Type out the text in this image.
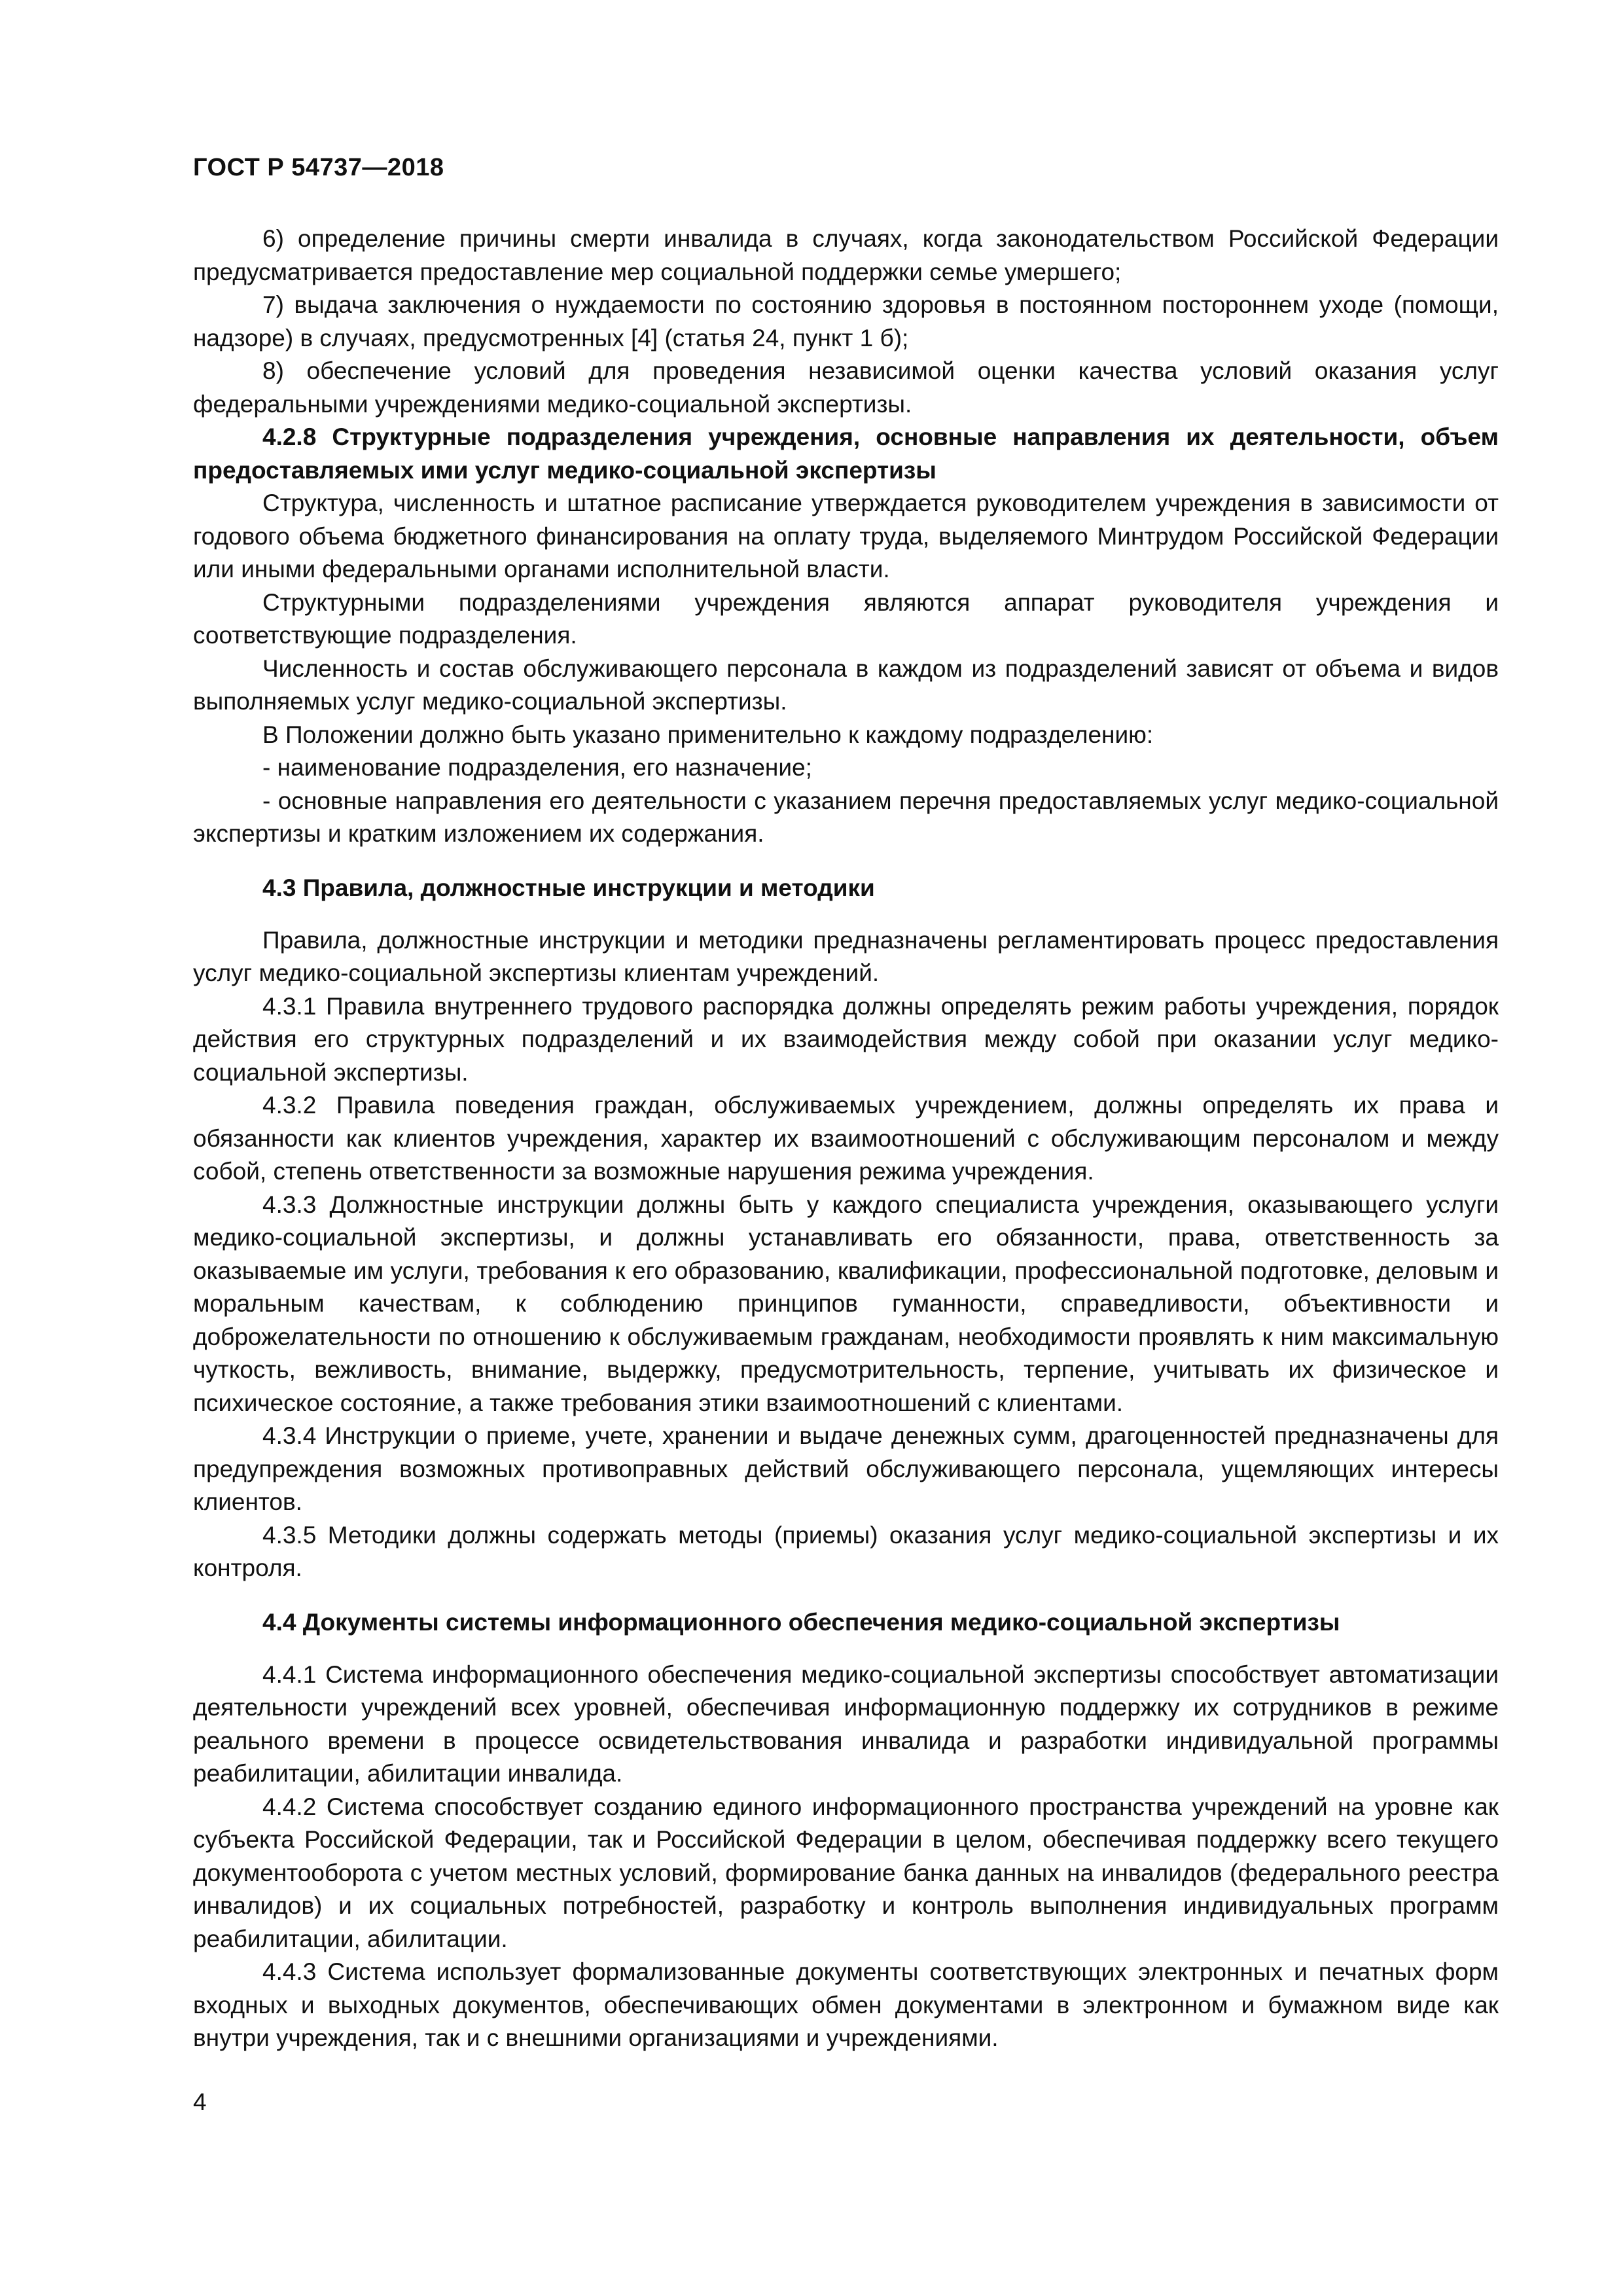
ГОСТ Р 54737—2018

6) определение причины смерти инвалида в случаях, когда законодательством Российской Федерации предусматривается предоставление мер социальной поддержки семье умершего;

7) выдача заключения о нуждаемости по состоянию здоровья в постоянном постороннем уходе (помощи, надзоре) в случаях, предусмотренных [4] (статья 24, пункт 1 б);

8) обеспечение условий для проведения независимой оценки качества условий оказания услуг федеральными учреждениями медико-социальной экспертизы.

4.2.8 Структурные подразделения учреждения, основные направления их деятельности, объем предоставляемых ими услуг медико-социальной экспертизы

Структура, численность и штатное расписание утверждается руководителем учреждения в зависимости от годового объема бюджетного финансирования на оплату труда, выделяемого Минтрудом Российской Федерации или иными федеральными органами исполнительной власти.

Структурными подразделениями учреждения являются аппарат руководителя учреждения и соответствующие подразделения.

Численность и состав обслуживающего персонала в каждом из подразделений зависят от объема и видов выполняемых услуг медико-социальной экспертизы.

В Положении должно быть указано применительно к каждому подразделению:

- наименование подразделения, его назначение;

- основные направления его деятельности с указанием перечня предоставляемых услуг медико-социальной экспертизы и кратким изложением их содержания.

4.3 Правила, должностные инструкции и методики

Правила, должностные инструкции и методики предназначены регламентировать процесс предоставления услуг медико-социальной экспертизы клиентам учреждений.

4.3.1 Правила внутреннего трудового распорядка должны определять режим работы учреждения, порядок действия его структурных подразделений и их взаимодействия между собой при оказании услуг медико-социальной экспертизы.

4.3.2 Правила поведения граждан, обслуживаемых учреждением, должны определять их права и обязанности как клиентов учреждения, характер их взаимоотношений с обслуживающим персоналом и между собой, степень ответственности за возможные нарушения режима учреждения.

4.3.3 Должностные инструкции должны быть у каждого специалиста учреждения, оказывающего услуги медико-социальной экспертизы, и должны устанавливать его обязанности, права, ответственность за оказываемые им услуги, требования к его образованию, квалификации, профессиональной подготовке, деловым и моральным качествам, к соблюдению принципов гуманности, справедливости, объективности и доброжелательности по отношению к обслуживаемым гражданам, необходимости проявлять к ним максимальную чуткость, вежливость, внимание, выдержку, предусмотрительность, терпение, учитывать их физическое и психическое состояние, а также требования этики взаимоотношений с клиентами.

4.3.4 Инструкции о приеме, учете, хранении и выдаче денежных сумм, драгоценностей предназначены для предупреждения возможных противоправных действий обслуживающего персонала, ущемляющих интересы клиентов.

4.3.5 Методики должны содержать методы (приемы) оказания услуг медико-социальной экспертизы и их контроля.

4.4 Документы системы информационного обеспечения медико-социальной экспертизы

4.4.1 Система информационного обеспечения медико-социальной экспертизы способствует автоматизации деятельности учреждений всех уровней, обеспечивая информационную поддержку их сотрудников в режиме реального времени в процессе освидетельствования инвалида и разработки индивидуальной программы реабилитации, абилитации инвалида.

4.4.2 Система способствует созданию единого информационного пространства учреждений на уровне как субъекта Российской Федерации, так и Российской Федерации в целом, обеспечивая поддержку всего текущего документооборота с учетом местных условий, формирование банка данных на инвалидов (федерального реестра инвалидов) и их социальных потребностей, разработку и контроль выполнения индивидуальных программ реабилитации, абилитации.

4.4.3 Система использует формализованные документы соответствующих электронных и печатных форм входных и выходных документов, обеспечивающих обмен документами в электронном и бумажном виде как внутри учреждения, так и с внешними организациями и учреждениями.

4
